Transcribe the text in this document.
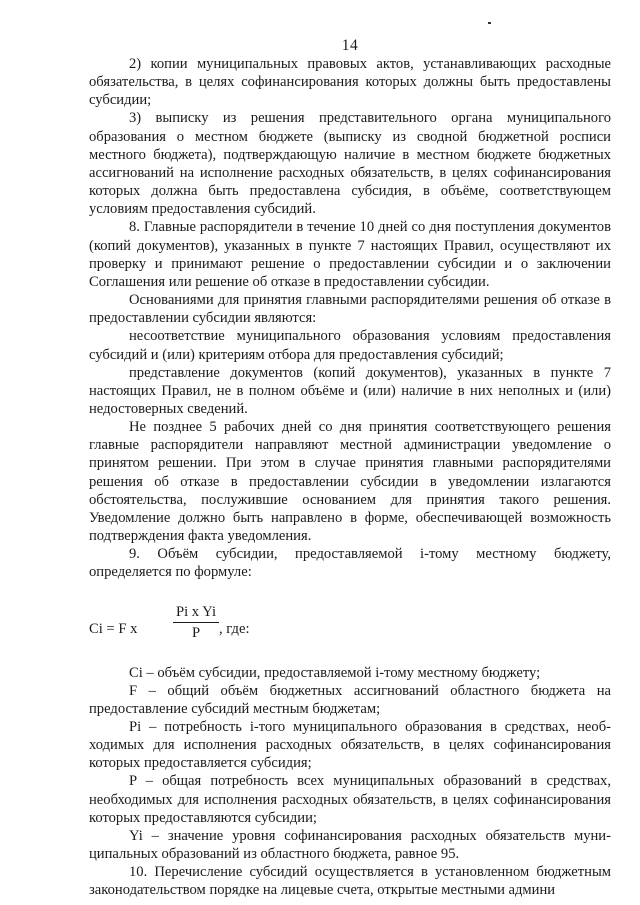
14

2) копии муниципальных правовых актов, устанавливающих расходные обязательства, в целях софинансирования которых должны быть предоставлены субсидии;

3) выписку из решения представительного органа муниципального образования о местном бюджете (выписку из сводной бюджетной росписи местного бюджета), подтверждающую наличие в местном бюджете бюджетных ассигнований на исполнение расходных обязательств, в целях софинансирования которых должна быть предоставлена субсидия, в объёме, соответствующем условиям предоставления субсидий.

8. Главные распорядители в течение 10 дней со дня поступления документов (копий документов), указанных в пункте 7 настоящих Правил, осуществляют их проверку и принимают решение о предоставлении субсидии и о заключении Соглашения или решение об отказе в предоставлении субсидии.

Основаниями для принятия главными распорядителями решения об отказе в предоставлении субсидии являются:

несоответствие муниципального образования условиям предоставления субсидий и (или) критериям отбора для предоставления субсидий;

представление документов (копий документов), указанных в пункте 7 настоящих Правил, не в полном объёме и (или) наличие в них неполных и (или) недостоверных сведений.

Не позднее 5 рабочих дней со дня принятия соответствующего решения главные распорядители направляют местной администрации уведомление о принятом решении. При этом в случае принятия главными распорядителями решения об отказе в предоставлении субсидии в уведомлении излагаются обстоятельства, послужившие основанием для принятия такого решения. Уведомление должно быть направлено в форме, обеспечивающей возможность подтверждения факта уведомления.

9. Объём субсидии, предоставляемой i-тому местному бюджету, определяется по формуле:

Ci = F x
Pi x Yi
P	, где:

Ci – объём субсидии, предоставляемой i-тому местному бюджету;

F – общий объём бюджетных ассигнований областного бюджета на предоставление субсидий местным бюджетам;

Pi – потребность i-того муниципального образования в средствах, необходимых для исполнения расходных обязательств, в целях софинансирования которых предоставляется субсидия;

P – общая потребность всех муниципальных образований в средствах, необходимых для исполнения расходных обязательств, в целях софинансирования которых предоставляются субсидии;

Yi – значение уровня софинансирования расходных обязательств муниципальных образований из областного бюджета, равное 95.

10. Перечисление субсидий осуществляется в установленном бюджетным законодательством порядке на лицевые счета, открытые местными админи
